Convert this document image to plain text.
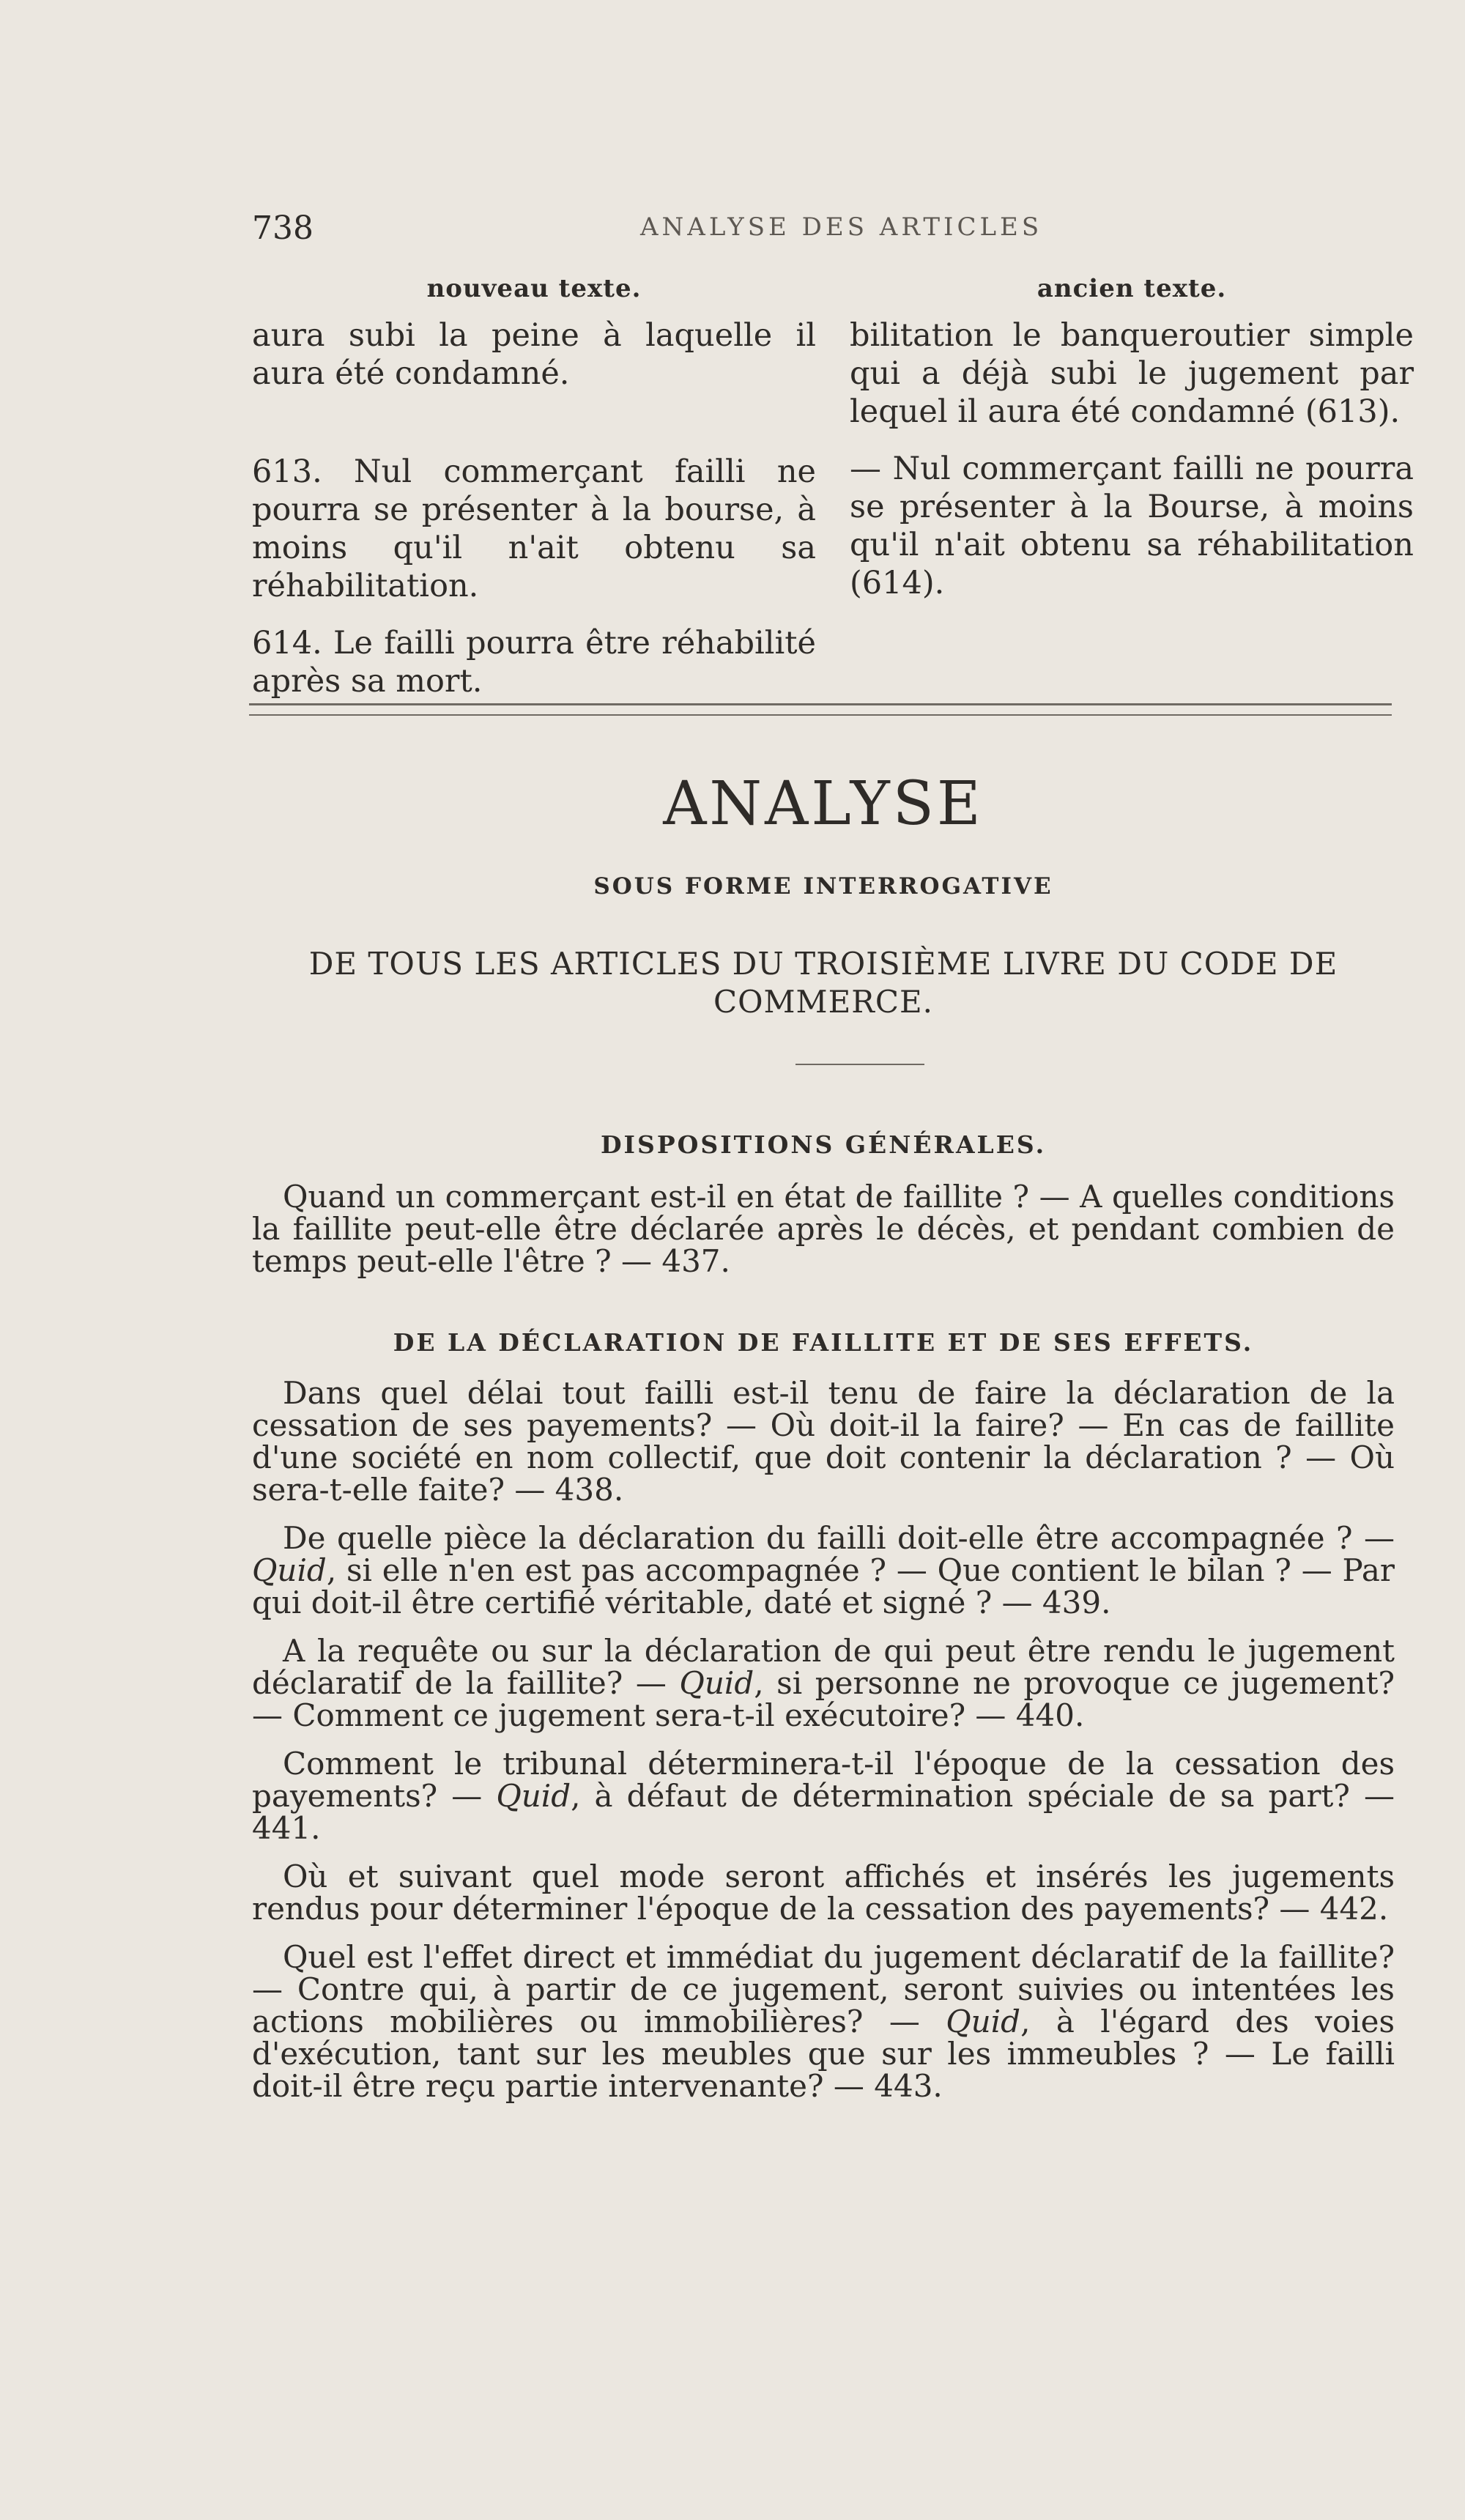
738	ANALYSE DES ARTICLES
nouveau texte.

aura subi la peine à laquelle il aura été condamné.

613. Nul commerçant failli ne pourra se présenter à la bourse, à moins qu'il n'ait obtenu sa réhabilitation.

614. Le failli pourra être réhabilité après sa mort.

ancien texte.

bilitation le banqueroutier simple qui a déjà subi le jugement par lequel il aura été condamné (613).

— Nul commerçant failli ne pourra se présenter à la Bourse, à moins qu'il n'ait obtenu sa réhabilitation (614).

ANALYSE
SOUS FORME INTERROGATIVE
DE TOUS LES ARTICLES DU TROISIÈME LIVRE DU CODE DE COMMERCE.
DISPOSITIONS GÉNÉRALES.

Quand un commerçant est-il en état de faillite ? — A quelles conditions la faillite peut-elle être déclarée après le décès, et pendant combien de temps peut-elle l'être ? — 437.

DE LA DÉCLARATION DE FAILLITE ET DE SES EFFETS.

Dans quel délai tout failli est-il tenu de faire la déclaration de la cessation de ses payements? — Où doit-il la faire? — En cas de faillite d'une société en nom collectif, que doit contenir la déclaration ? — Où sera-t-elle faite? — 438.

De quelle pièce la déclaration du failli doit-elle être accompagnée ? — Quid, si elle n'en est pas accompagnée ? — Que contient le bilan ? — Par qui doit-il être certifié véritable, daté et signé ? — 439.

A la requête ou sur la déclaration de qui peut être rendu le jugement déclaratif de la faillite? — Quid, si personne ne provoque ce jugement? — Comment ce jugement sera-t-il exécutoire? — 440.

Comment le tribunal déterminera-t-il l'époque de la cessation des payements? — Quid, à défaut de détermination spéciale de sa part? — 441.

Où et suivant quel mode seront affichés et insérés les jugements rendus pour déterminer l'époque de la cessation des payements? — 442.

Quel est l'effet direct et immédiat du jugement déclaratif de la faillite? — Contre qui, à partir de ce jugement, seront suivies ou intentées les actions mobilières ou immobilières? — Quid, à l'égard des voies d'exécution, tant sur les meubles que sur les immeubles ? — Le failli doit-il être reçu partie intervenante? — 443.
